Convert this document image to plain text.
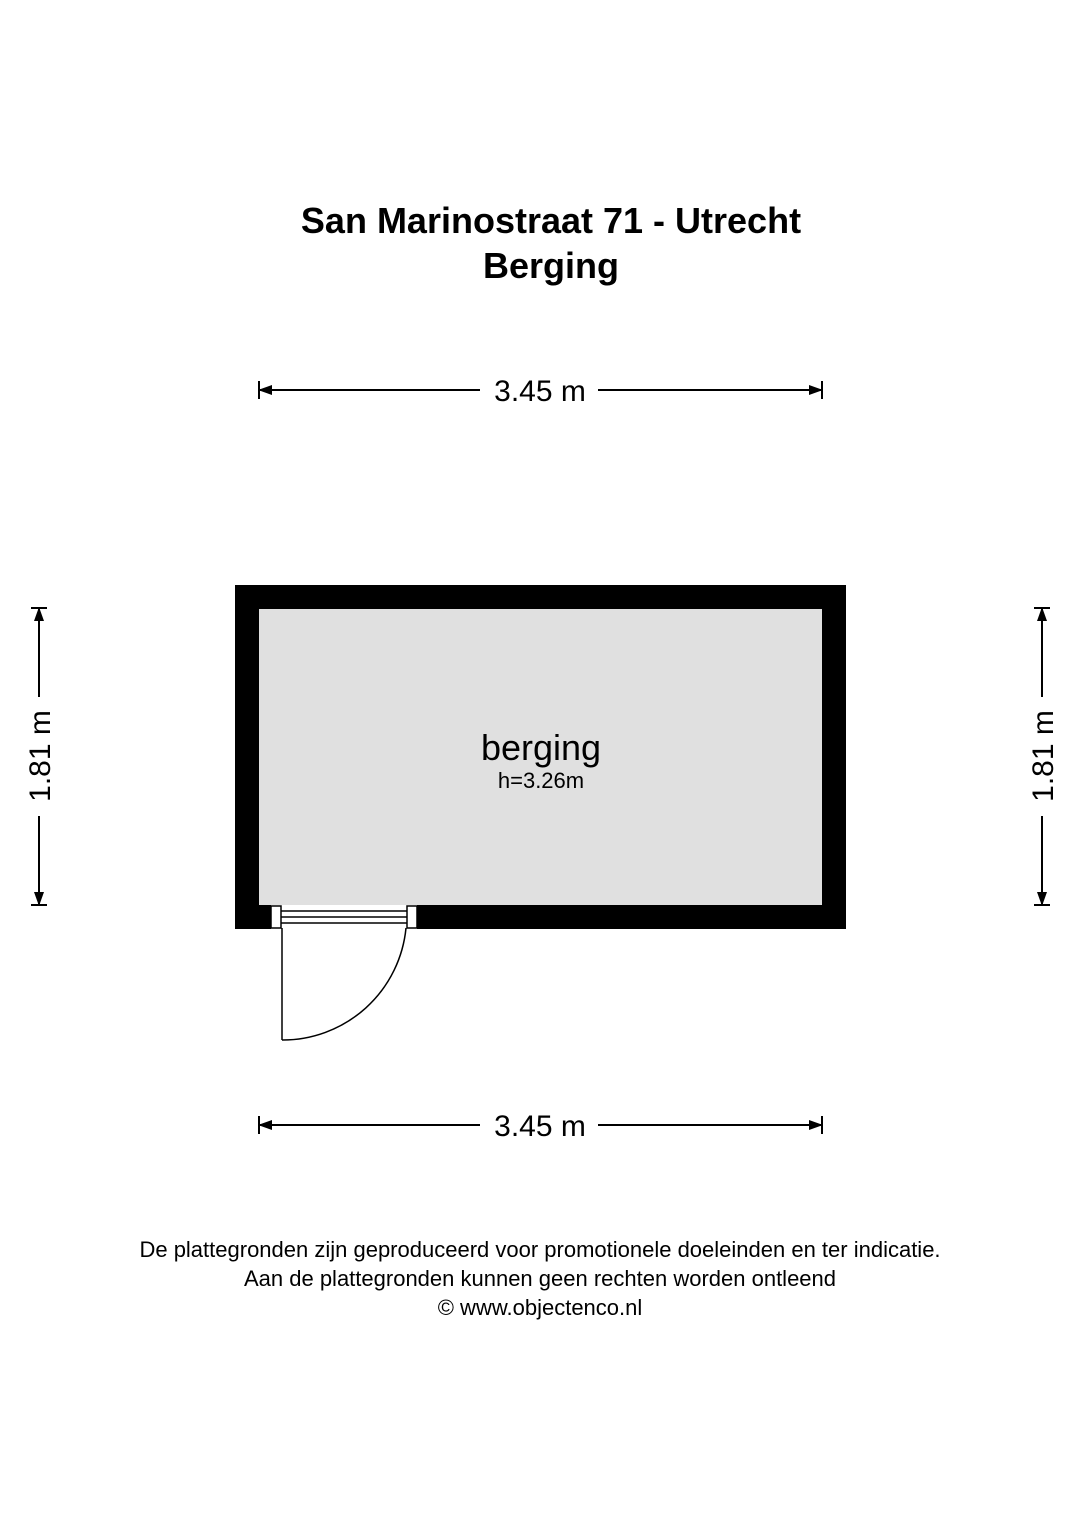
San Marinostraat 71 - Utrecht
Berging
3.45 m
1.81 m	1.81 m
berging
h=3.26m
3.45 m
De plattegronden zijn geproduceerd voor promotionele doeleinden en ter indicatie.
Aan de plattegronden kunnen geen rechten worden ontleend
© www.objectenco.nl
